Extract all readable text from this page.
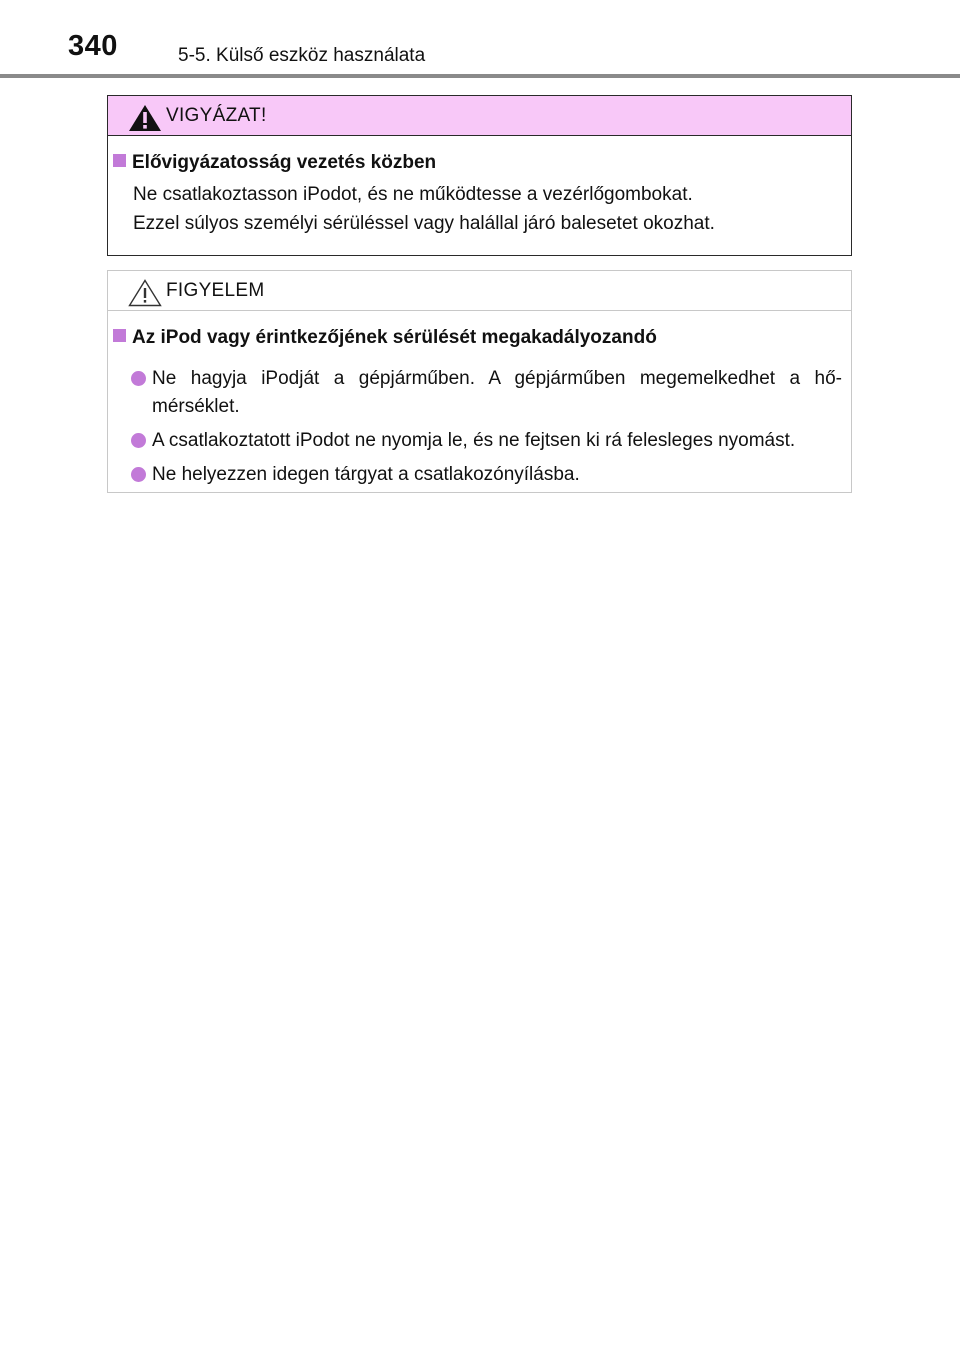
340	5-5. Külső eszköz használata
VIGYÁZAT!
Elővigyázatosság vezetés közben
Ne csatlakoztasson iPodot, és ne működtesse a vezérlőgombokat.
Ezzel súlyos személyi sérüléssel vagy halállal járó balesetet okozhat.
FIGYELEM
Az iPod vagy érintkezőjének sérülését megakadályozandó
Ne hagyja iPodját a gépjárműben. A gépjárműben megemelkedhet a hő-mérséklet.
A csatlakoztatott iPodot ne nyomja le, és ne fejtsen ki rá felesleges nyomást.
Ne helyezzen idegen tárgyat a csatlakozónyílásba.
